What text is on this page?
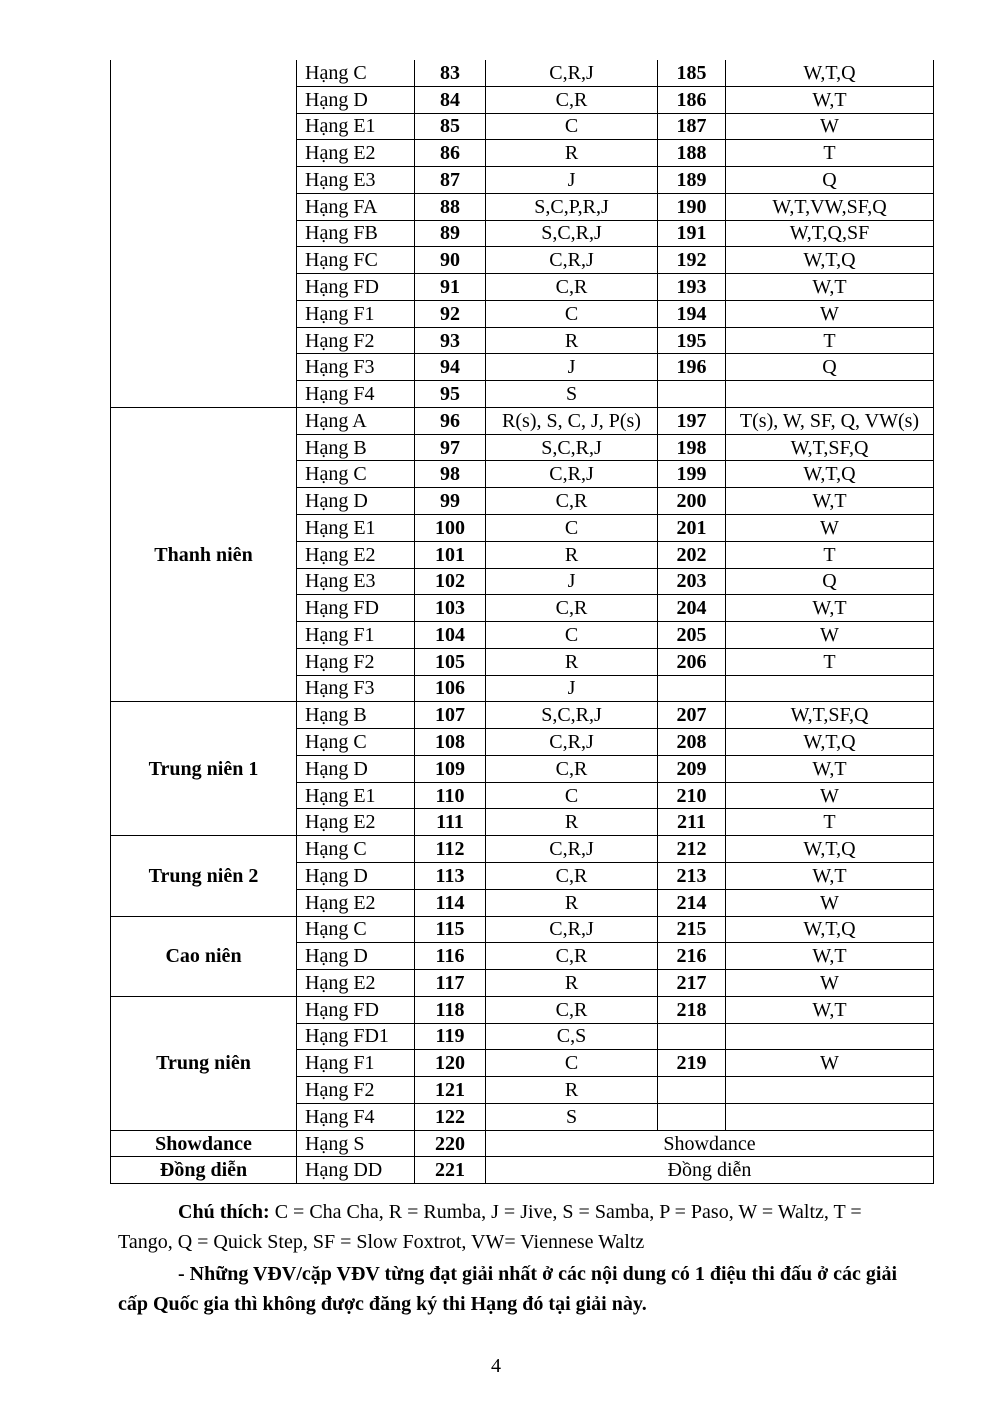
	Hạng C	83	C,R,J	185	W,T,Q
	Hạng D	84	C,R	186	W,T
	Hạng E1	85	C	187	W
	Hạng E2	86	R	188	T
	Hạng E3	87	J	189	Q
	Hạng FA	88	S,C,P,R,J	190	W,T,VW,SF,Q
	Hạng FB	89	S,C,R,J	191	W,T,Q,SF
	Hạng FC	90	C,R,J	192	W,T,Q
	Hạng FD	91	C,R	193	W,T
	Hạng F1	92	C	194	W
	Hạng F2	93	R	195	T
	Hạng F3	94	J	196	Q
	Hạng F4	95	S		
Thanh niên	Hạng A	96	R(s), S, C, J, P(s)	197	T(s), W, SF, Q, VW(s)
	Hạng B	97	S,C,R,J	198	W,T,SF,Q
	Hạng C	98	C,R,J	199	W,T,Q
	Hạng D	99	C,R	200	W,T
	Hạng E1	100	C	201	W
	Hạng E2	101	R	202	T
	Hạng E3	102	J	203	Q
	Hạng FD	103	C,R	204	W,T
	Hạng F1	104	C	205	W
	Hạng F2	105	R	206	T
	Hạng F3	106	J		
Trung niên 1	Hạng B	107	S,C,R,J	207	W,T,SF,Q
	Hạng C	108	C,R,J	208	W,T,Q
	Hạng D	109	C,R	209	W,T
	Hạng E1	110	C	210	W
	Hạng E2	111	R	211	T
Trung niên 2	Hạng C	112	C,R,J	212	W,T,Q
	Hạng D	113	C,R	213	W,T
	Hạng E2	114	R	214	W
Cao niên	Hạng C	115	C,R,J	215	W,T,Q
	Hạng D	116	C,R	216	W,T
	Hạng E2	117	R	217	W
Trung niên	Hạng FD	118	C,R	218	W,T
	Hạng FD1	119	C,S		
	Hạng F1	120	C	219	W
	Hạng F2	121	R		
	Hạng F4	122	S		
Showdance	Hạng S	220	Showdance		
Đồng diễn	Hạng DD	221	Đồng diễn		
Chú thích: C = Cha Cha, R = Rumba, J = Jive, S = Samba, P = Paso, W = Waltz, T = Tango, Q = Quick Step, SF = Slow Foxtrot, VW= Viennese Waltz
- Những VĐV/cặp VĐV từng đạt giải nhất ở các nội dung có 1 điệu thi đấu ở các giải cấp Quốc gia thì không được đăng ký thi Hạng đó tại giải này.
4
